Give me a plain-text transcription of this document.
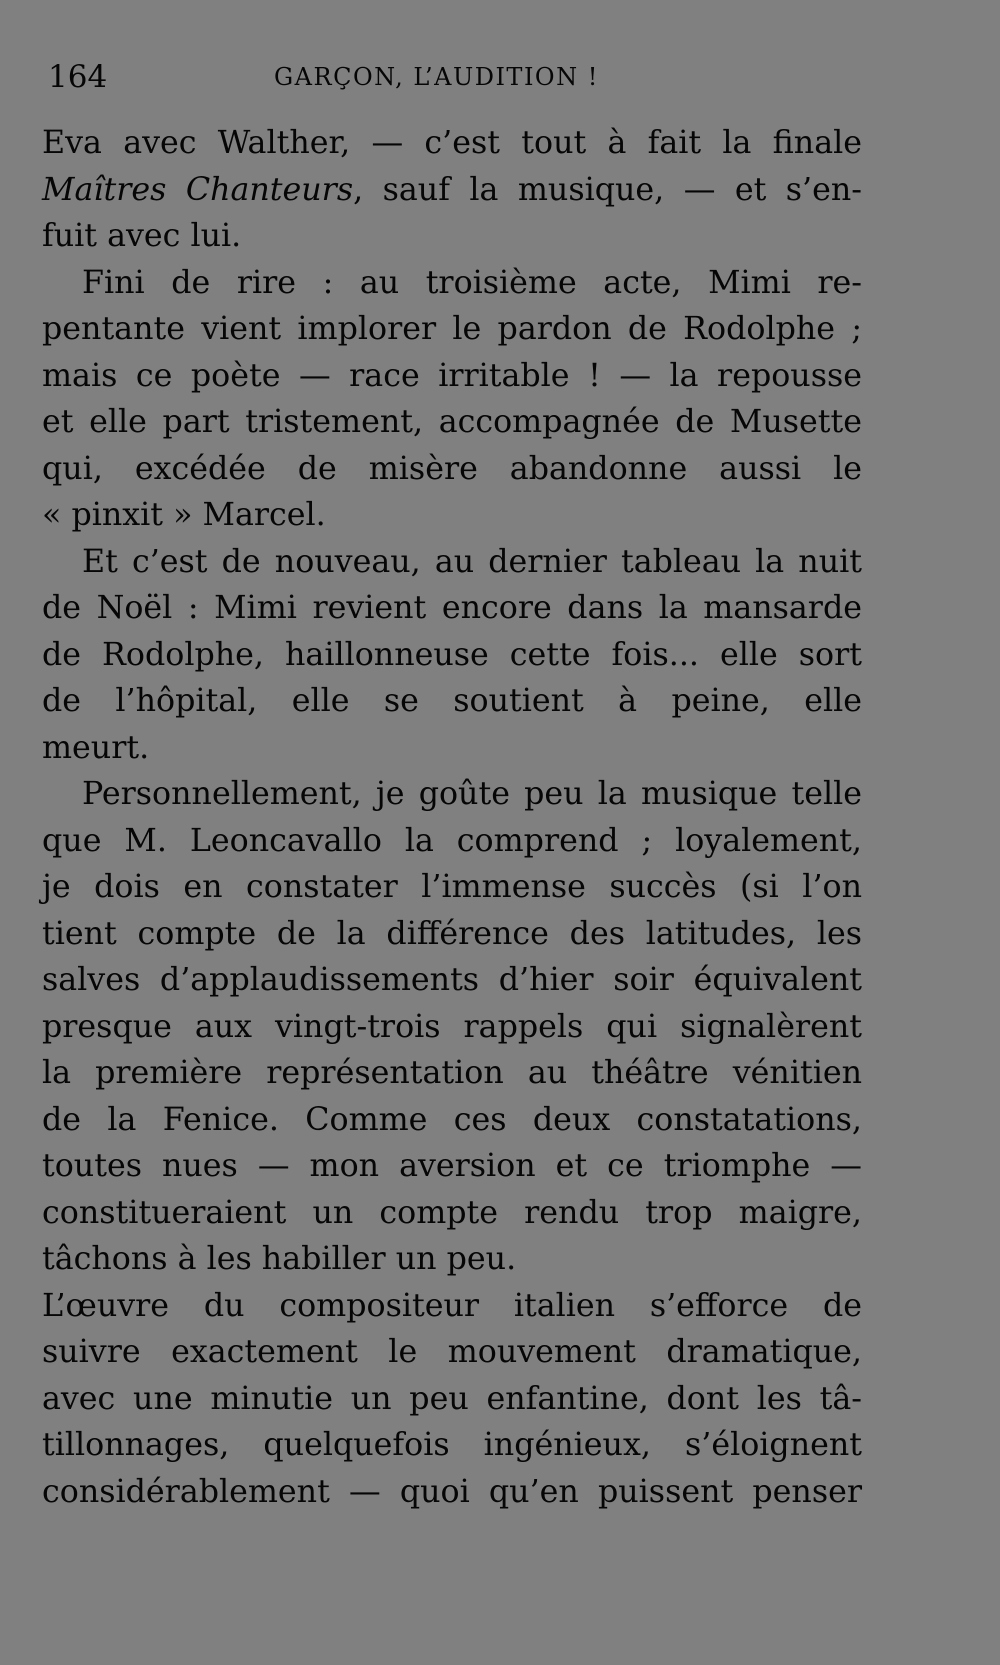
164	GARÇON, L’AUDITION !
Eva avec Walther, — c’est tout à fait la finale
Maîtres Chanteurs, sauf la musique, — et s’en-
fuit avec lui.
Fini de rire : au troisième acte, Mimi re-
pentante vient implorer le pardon de Rodolphe ;
mais ce poète — race irritable ! — la repousse
et elle part tristement, accompagnée de Musette
qui, excédée de misère abandonne aussi le
« pinxit » Marcel.
Et c’est de nouveau, au dernier tableau la nuit
de Noël : Mimi revient encore dans la mansarde
de Rodolphe, haillonneuse cette fois... elle sort
de l’hôpital, elle se soutient à peine, elle
meurt.
Personnellement, je goûte peu la musique telle
que M. Leoncavallo la comprend ; loyalement,
je dois en constater l’immense succès (si l’on
tient compte de la différence des latitudes, les
salves d’applaudissements d’hier soir équivalent
presque aux vingt-trois rappels qui signalèrent
la première représentation au théâtre vénitien
de la Fenice. Comme ces deux constatations,
toutes nues — mon aversion et ce triomphe —
constitueraient un compte rendu trop maigre,
tâchons à les habiller un peu.
L’œuvre du compositeur italien s’efforce de
suivre exactement le mouvement dramatique,
avec une minutie un peu enfantine, dont les tâ-
tillonnages, quelquefois ingénieux, s’éloignent
considérablement — quoi qu’en puissent penser
